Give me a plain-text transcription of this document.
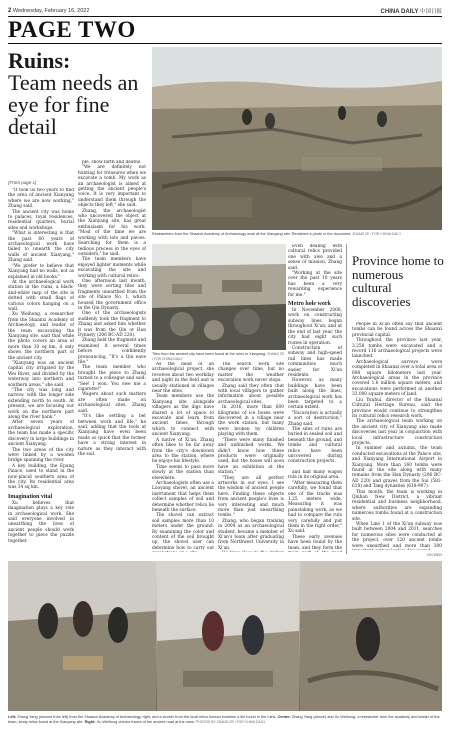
2 Wednesday, February 16, 2022	CHINA DAILY 中国日报
PAGE TWO
Ruins:
Team needs an eye for fine detail
(From page 1)

"It took us two years to find the area of ancient Xianyang where we are now working," Zhang said.

The ancient city was home to palaces, royal residences, residential quarters, burial sites and workshops.

"What is interesting is that the past 60 years of archaeological work have failed to unearth the city walls of ancient Xianyang," Zhang said.

"We prefer to believe that Xianyang had no walls, not as explained in old books."

At the archaeological work station in the ruins, a black-and-white map of the site is dotted with small flags of various colors hanging on a wall.

Xu Weihong, a researcher from the Shaanxi Academy of Archaeology, and leader of the team excavating the Xianyang site, said that while the photo covers an area of more than 30 sq km, it only shows the northern part of the ancient city.

"Xianyang was an ancient capital city irrigated by the Wei River, and divided by the waterway into northern and southern areas," she said.

"The city was long and narrow, with the longer side extending north to south. At present, we are focusing our work on the northern part along the river bank."

After seven years of archaeological exploration, the team has made a specific discovery in large buildings in ancient Xianyang.

The two areas of the city were linked by a wooden bridge spanning the river.

A key building, the Epang Palace, used to stand in the now-placid southern area of the city. Its residential area was 34 sq km.

Imagination vital

Xu believes that imagination plays a key role in archaeological work. She said everyone involved in unearthing the lives of ancient people should work together to piece the puzzle together.

ple, show birth and deaths.

"We are definitely not hunting for treasures when we excavate a tomb. My work as an archaeologist is aimed at getting the ancient people's voice. It is very important to understand them through the objects they left," she said.

Zhang, the archaeologist who uncovered the object at the Xianyang site, has great enthusiasm for his work. "Most of the time we are working with lots and pieces. Searching for them is a tedious process in the eyes of outsiders," he said.

The team members have enjoyed lighter moments while excavating the site and working with cultural relics.

One afternoon last month, they were sorting tiles and fragments unearthed from the site of Palace No. 1, which housed the government office in the Qin Dynasty.

One of the archaeologists suddenly took the fragment to Zhang and asked him whether it was from the Qin or Han Dynasty (206 BC-AD 220).

Zhang held the fragment and examined it several times before confidently pronouncing, "It's a Qin eave tile."

The team member who brought the piece to Zhang turned to a colleague and said: "See! I won. You owe me a cigarette!"

Wagers about such matters are often made on archaeological sites, Zhang said.

"It's like settling a bet between work and life," he said, adding that the tools at Xianyang have even been made so quick that the former have a strong interest in nature as they interact with the soil.

Researchers from the Shaanxi Academy of Archaeology work at the Xianyang site. Rendered a photo in the document. ZHANG ZE / FOR CHINA DAILY
Tiles from the ancient city have been found at the ruins in Xianyang. ZHANG ZE / FOR CHINA DAILY

As the head of an archaeological project, she receives about two workday and night in the field and is usually stationed in villages near the sites.

Team members use the Xianyang site alongside villagers as the digs have shared a lot of space to excavate and learn from ancient times, through which to connect with ancient Xianyang.

A native of Xi'an, Zhang often likes to be far away from the city's downtown area to the station, where he enjoys his lifestyle.

Time seems to pass more slowly at the station than elsewhere.

Archaeologists often use a Luoyang shovel, an ancient instrument that helps them collect samples of soil and determine whether relics lie beneath the surface.

The shovel can extract soil samples more than 10 meters under the ground. By examining the color and content of the soil brought up, the shovel user can determine how to carry out

The search work site changes over time, but no matter the weather excavation work never stops.

Zhang said they often chat with local villagers to gather information about possible archaeological sites.

In 2016, more than 600 kilograms of ice boxes were discovered in a village near the work station, but many were broken by children playing with them.

"There were many finished and unfinished works. We didn't know how these products were originally used, but the boxes will soon have an exhibition at the station."

"They are all perfect artworks in our eyes. I see the wisdom of ancient people here. Finding these objects from ancient people's lives is very interesting and much more than just unearthing tombs."

Zhang, who began training in 2004 as an archaeological student, became a member of Xi'an's team after graduating from Northwest University in Xi'an.

Even dealing with cultural relics provided one with awe and a sense of mission, Zhang said.

"Working at the site over the past 10 years has been a very rewarding experience for me."

Metro hole work

In November 2008, work on constructing subway lines began throughout Xi'an, and at the end of last year, the city had eight such routes in operation.

Construction of subway and high-speed rail lines has made communities much easier for Xi'an residents.

However, as many buildings have been built along the lines, archaeological work has been targeted to a certain extent.

"Excavation is actually a sort of destruction," Zhang said.

The sites of ruins are buried in sealed soil and beneath the ground, and tombs and cultural relics have been uncovered during construction projects.

Province home to numerous cultural discoveries

People in Xi'an often say that ancient tombs can be found across the Shaanxi provincial capital.

Throughout the province last year, 3,258 tombs were excavated and a record 116 archaeological projects were launched.

Archaeological surveys were completed in Shaanxi over a total area of 688 square kilometers last year. Archaeological areas in the province covered 1.6 million square meters, and excavations were performed at another 32,000 square meters of land.

Liu Yunhui, director of the Shaanxi Cultural Heritage Bureau, said the province would continue to strengthen its cultural relics research work.

The archaeological team working on the ancient city of Xianyang also made discoveries last year in conjunction with local infrastructure construction projects.

In summer and autumn, the team conducted excavations at the Palace site, and Xianyang International Airport in Xianyang. More than 160 tombs were found at the site along with many remains from the Han Dynasty (206 BC-AD 220) and graves from the Sui (581-618) and Tang dynasties (618-907).

This month, the team is working in Qinhan New District, a vibrant residential and business neighborhood, where authorities are expanding numerous tombs found at a construction site.

When Line 1 of the Xi'an subway was built between 2004 and 2011, searches for numerous sites were conducted at the project, over 120 ancient tombs were unearthed and more than 300

XIN WEN

and half many wagon ruts in its original area.

"After measuring them carefully, we found that one of the tracks was 1.25 meters wide. Measuring it was painstaking work, as we had to compare the ruts very carefully and put them in the right order," Xu said.

These early avenues have been found by the team, and they form the

Left: Zhang Yang (second from left) from the Shaanxi Academy of Archaeology, right, and a worker from the local relics bureau examine a tile found in the ruins. Center: Zhang Yang (above) and Xu Weihong, a researcher from the academy and leader of the team, study relics found at the Xianyang site. Right: Xu Weihong checks traces of the ancient road at the ruins. PHOTOS BY ZHANG ZE / FOR CHINA DAILY
